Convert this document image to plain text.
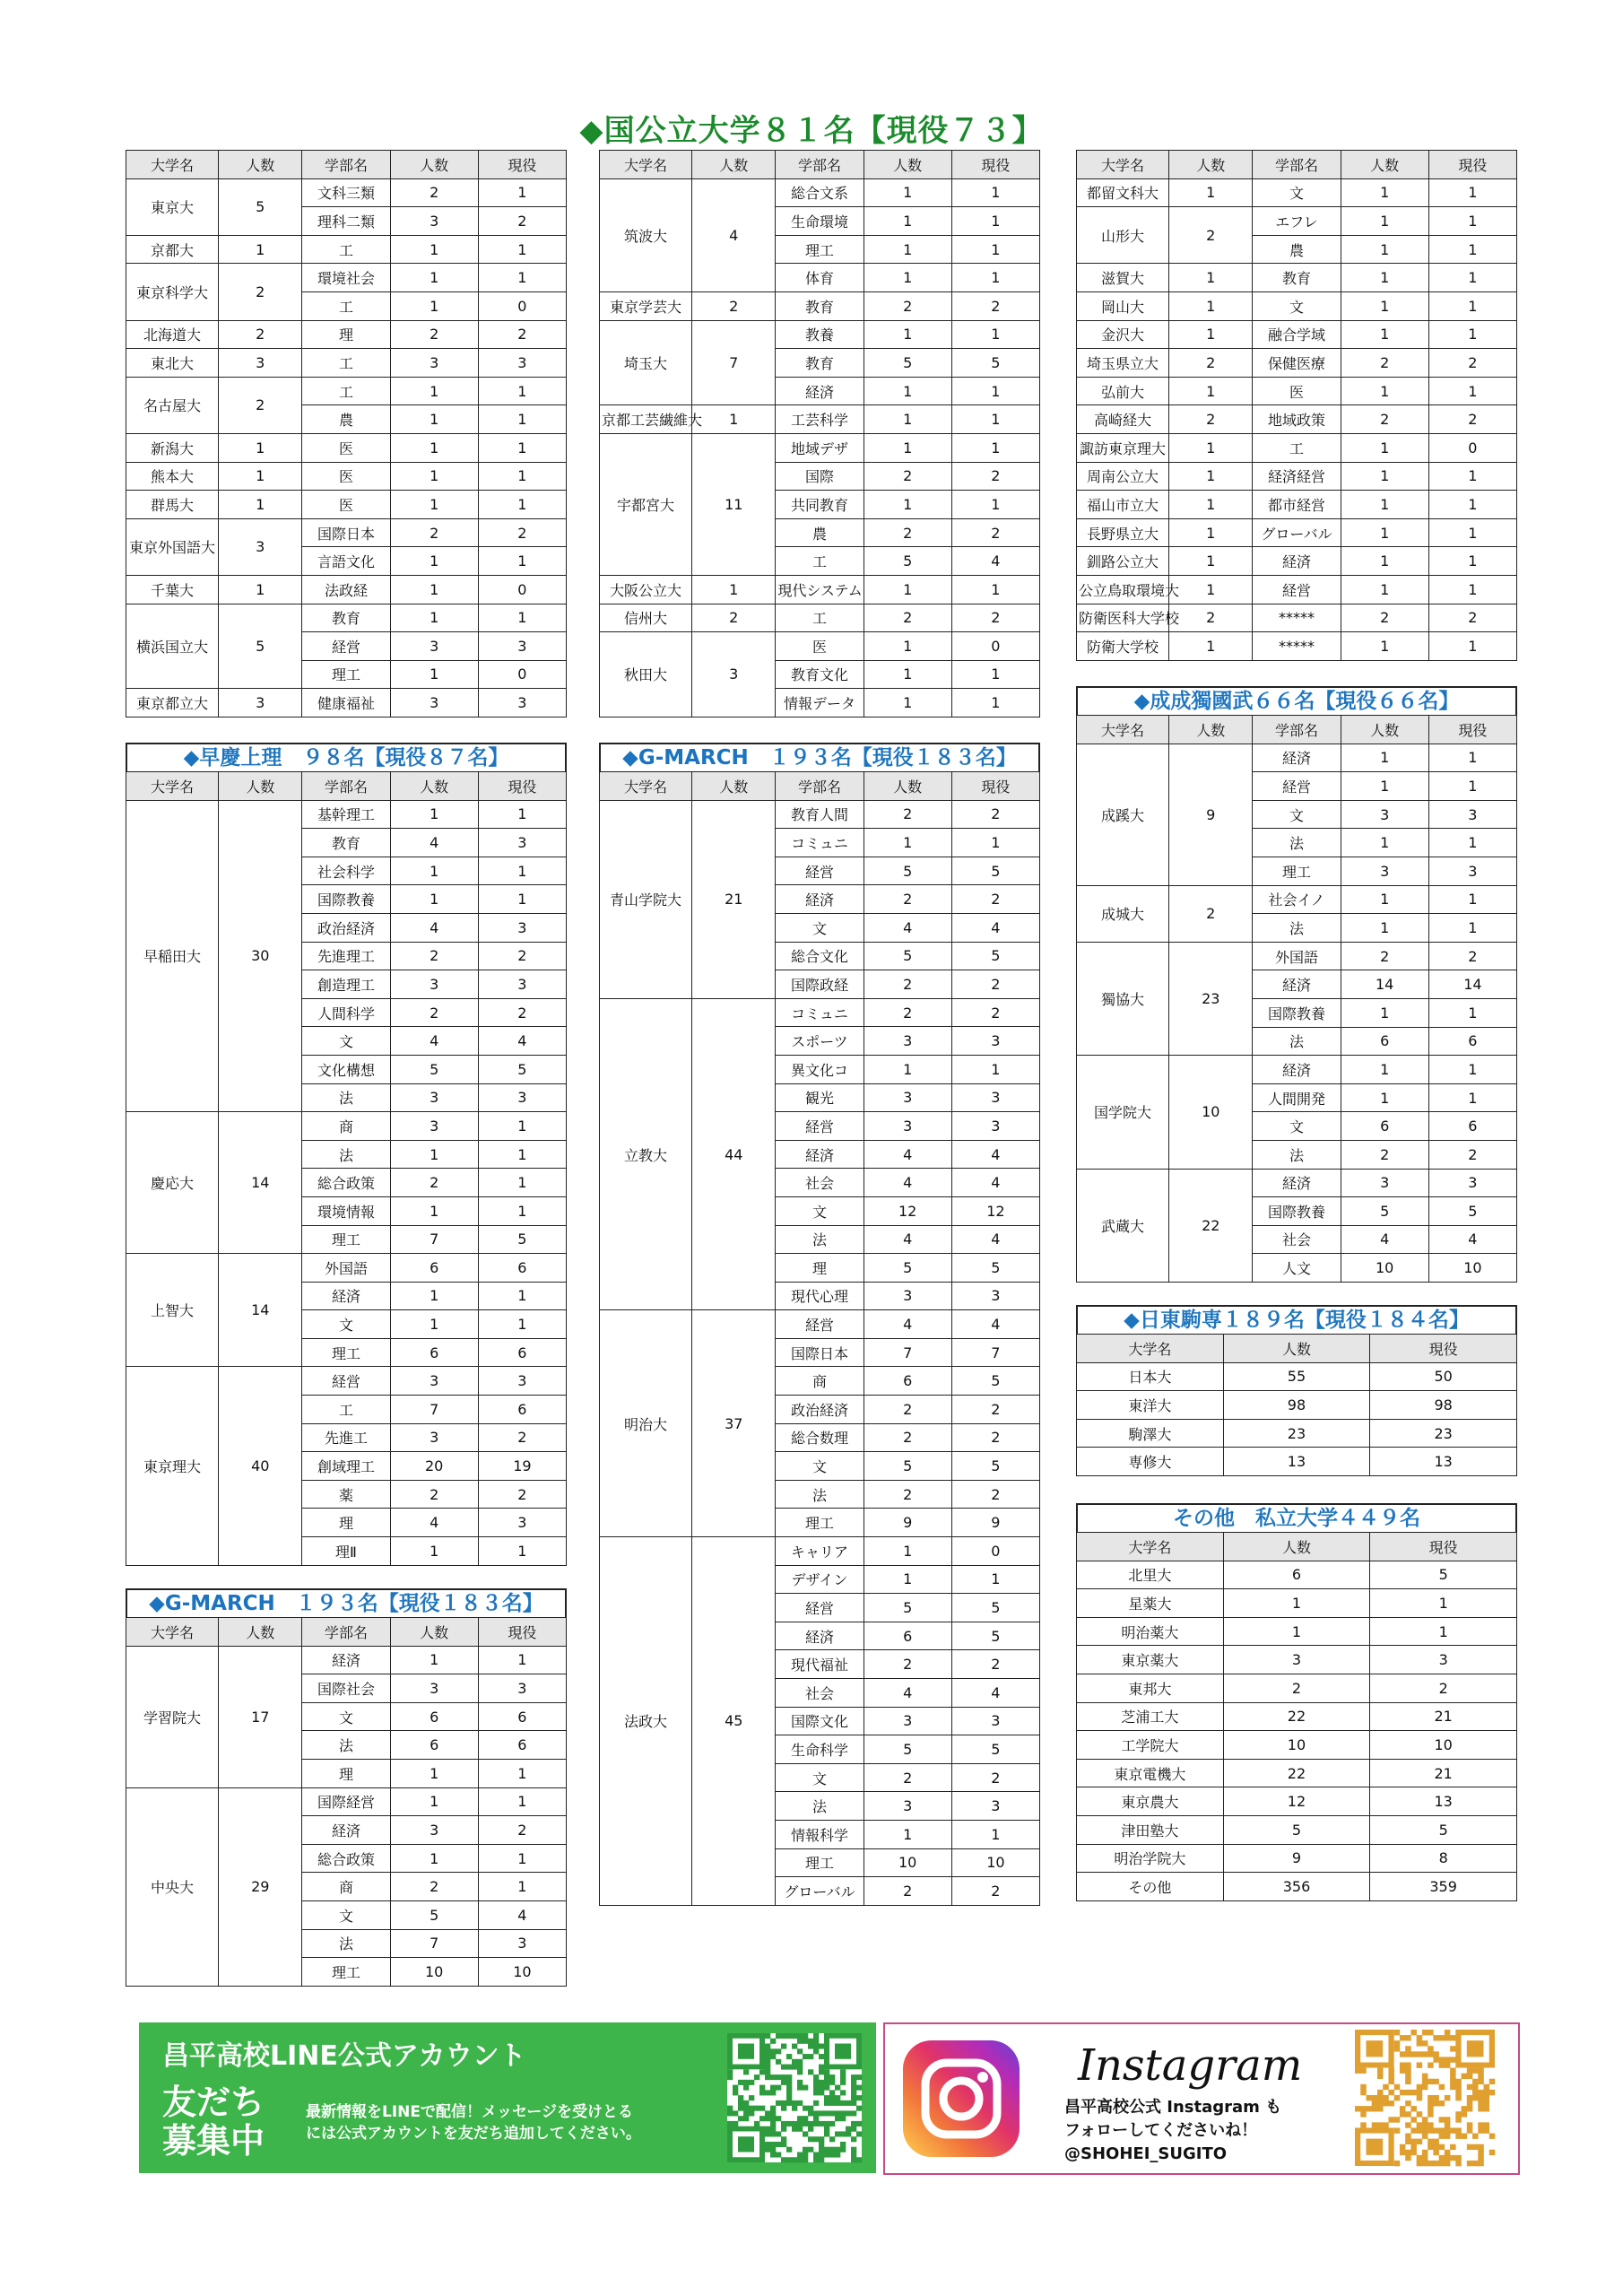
◆国公立大学８１名【現役７３】
大学名	人数	学部名	人数	現役
東京大	5	文科三類	2	1
		理科二類	3	2
京都大	1	工	1	1
東京科学大	2	環境社会	1	1
		工	1	0
北海道大	2	理	2	2
東北大	3	工	3	3
名古屋大	2	工	1	1
		農	1	1
新潟大	1	医	1	1
熊本大	1	医	1	1
群馬大	1	医	1	1
東京外国語大	3	国際日本	2	2
		言語文化	1	1
千葉大	1	法政経	1	0
横浜国立大	5	教育	1	1
		経営	3	3
		理工	1	0
東京都立大	3	健康福祉	3	3
大学名	人数	学部名	人数	現役
筑波大	4	総合文系	1	1
		生命環境	1	1
		理工	1	1
		体育	1	1
東京学芸大	2	教育	2	2
埼玉大	7	教養	1	1
		教育	5	5
		経済	1	1
京都工芸繊維大	1	工芸科学	1	1
宇都宮大	11	地域デザ	1	1
		国際	2	2
		共同教育	1	1
		農	2	2
		工	5	4
大阪公立大	1	現代システム	1	1
信州大	2	工	2	2
秋田大	3	医	1	0
		教育文化	1	1
		情報データ	1	1
大学名	人数	学部名	人数	現役
都留文科大	1	文	1	1
山形大	2	エフレ	1	1
		農	1	1
滋賀大	1	教育	1	1
岡山大	1	文	1	1
金沢大	1	融合学域	1	1
埼玉県立大	2	保健医療	2	2
弘前大	1	医	1	1
高崎経大	2	地域政策	2	2
諏訪東京理大	1	工	1	0
周南公立大	1	経済経営	1	1
福山市立大	1	都市経営	1	1
長野県立大	1	グローバル	1	1
釧路公立大	1	経済	1	1
公立鳥取環境大	1	経営	1	1
防衛医科大学校	2	*****	2	2
防衛大学校	1	*****	1	1
◆早慶上理　９８名【現役８７名】
大学名	人数	学部名	人数	現役
早稲田大	30	基幹理工	1	1
		教育	4	3
		社会科学	1	1
		国際教養	1	1
		政治経済	4	3
		先進理工	2	2
		創造理工	3	3
		人間科学	2	2
		文	4	4
		文化構想	5	5
		法	3	3
慶応大	14	商	3	1
		法	1	1
		総合政策	2	1
		環境情報	1	1
		理工	7	5
上智大	14	外国語	6	6
		経済	1	1
		文	1	1
		理工	6	6
東京理大	40	経営	3	3
		工	7	6
		先進工	3	2
		創域理工	20	19
		薬	2	2
		理	4	3
		理Ⅱ	1	1
◆G-MARCH　１９３名【現役１８３名】
大学名	人数	学部名	人数	現役
学習院大	17	経済	1	1
		国際社会	3	3
		文	6	6
		法	6	6
		理	1	1
中央大	29	国際経営	1	1
		経済	3	2
		総合政策	1	1
		商	2	1
		文	5	4
		法	7	3
		理工	10	10
◆G-MARCH　１９３名【現役１８３名】
大学名	人数	学部名	人数	現役
青山学院大	21	教育人間	2	2
		コミュニ	1	1
		経営	5	5
		経済	2	2
		文	4	4
		総合文化	5	5
		国際政経	2	2
立教大	44	コミュニ	2	2
		スポーツ	3	3
		異文化コ	1	1
		観光	3	3
		経営	3	3
		経済	4	4
		社会	4	4
		文	12	12
		法	4	4
		理	5	5
		現代心理	3	3
明治大	37	経営	4	4
		国際日本	7	7
		商	6	5
		政治経済	2	2
		総合数理	2	2
		文	5	5
		法	2	2
		理工	9	9
法政大	45	キャリア	1	0
		デザイン	1	1
		経営	5	5
		経済	6	5
		現代福祉	2	2
		社会	4	4
		国際文化	3	3
		生命科学	5	5
		文	2	2
		法	3	3
		情報科学	1	1
		理工	10	10
		グローバル	2	2
◆成成獨國武６６名【現役６６名】
大学名	人数	学部名	人数	現役
成蹊大	9	経済	1	1
		経営	1	1
		文	3	3
		法	1	1
		理工	3	3
成城大	2	社会イノ	1	1
		法	1	1
獨協大	23	外国語	2	2
		経済	14	14
		国際教養	1	1
		法	6	6
国学院大	10	経済	1	1
		人間開発	1	1
		文	6	6
		法	2	2
武蔵大	22	経済	3	3
		国際教養	5	5
		社会	4	4
		人文	10	10
◆日東駒専１８９名【現役１８４名】
大学名	人数	現役
日本大	55	50
東洋大	98	98
駒澤大	23	23
専修大	13	13
その他　私立大学４４９名
大学名	人数	現役
北里大	6	5
星薬大	1	1
明治薬大	1	1
東京薬大	3	3
東邦大	2	2
芝浦工大	22	21
工学院大	10	10
東京電機大	22	21
東京農大	12	13
津田塾大	5	5
明治学院大	9	8
その他	356	359
昌平高校LINE公式アカウント
友だち
募集中
最新情報をLINEで配信！メッセージを受けとる
には公式アカウントを友だち追加してください。
Instagram
昌平高校公式 Instagram も
フォローしてくださいね！
@SHOHEI_SUGITO
